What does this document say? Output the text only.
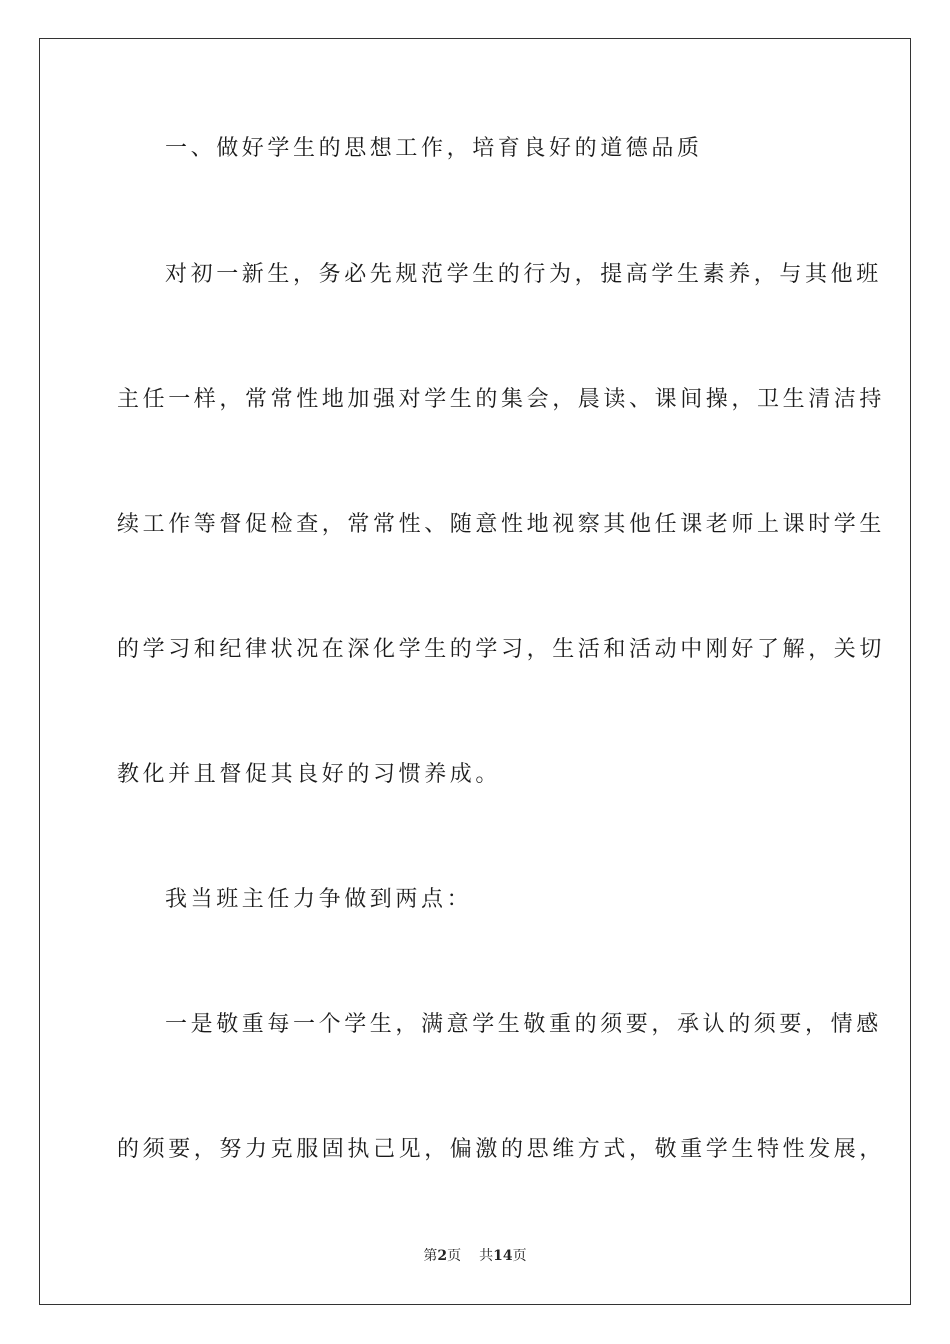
一、做好学生的思想工作，培育良好的道德品质
对初一新生，务必先规范学生的行为，提高学生素养，与其他班
主任一样，常常性地加强对学生的集会，晨读、课间操，卫生清洁持
续工作等督促检查，常常性、随意性地视察其他任课老师上课时学生
的学习和纪律状况在深化学生的学习，生活和活动中刚好了解，关切
教化并且督促其良好的习惯养成。
我当班主任力争做到两点：
一是敬重每一个学生，满意学生敬重的须要，承认的须要，情感
的须要，努力克服固执己见，偏激的思维方式，敬重学生特性发展，
第2页 共14页
